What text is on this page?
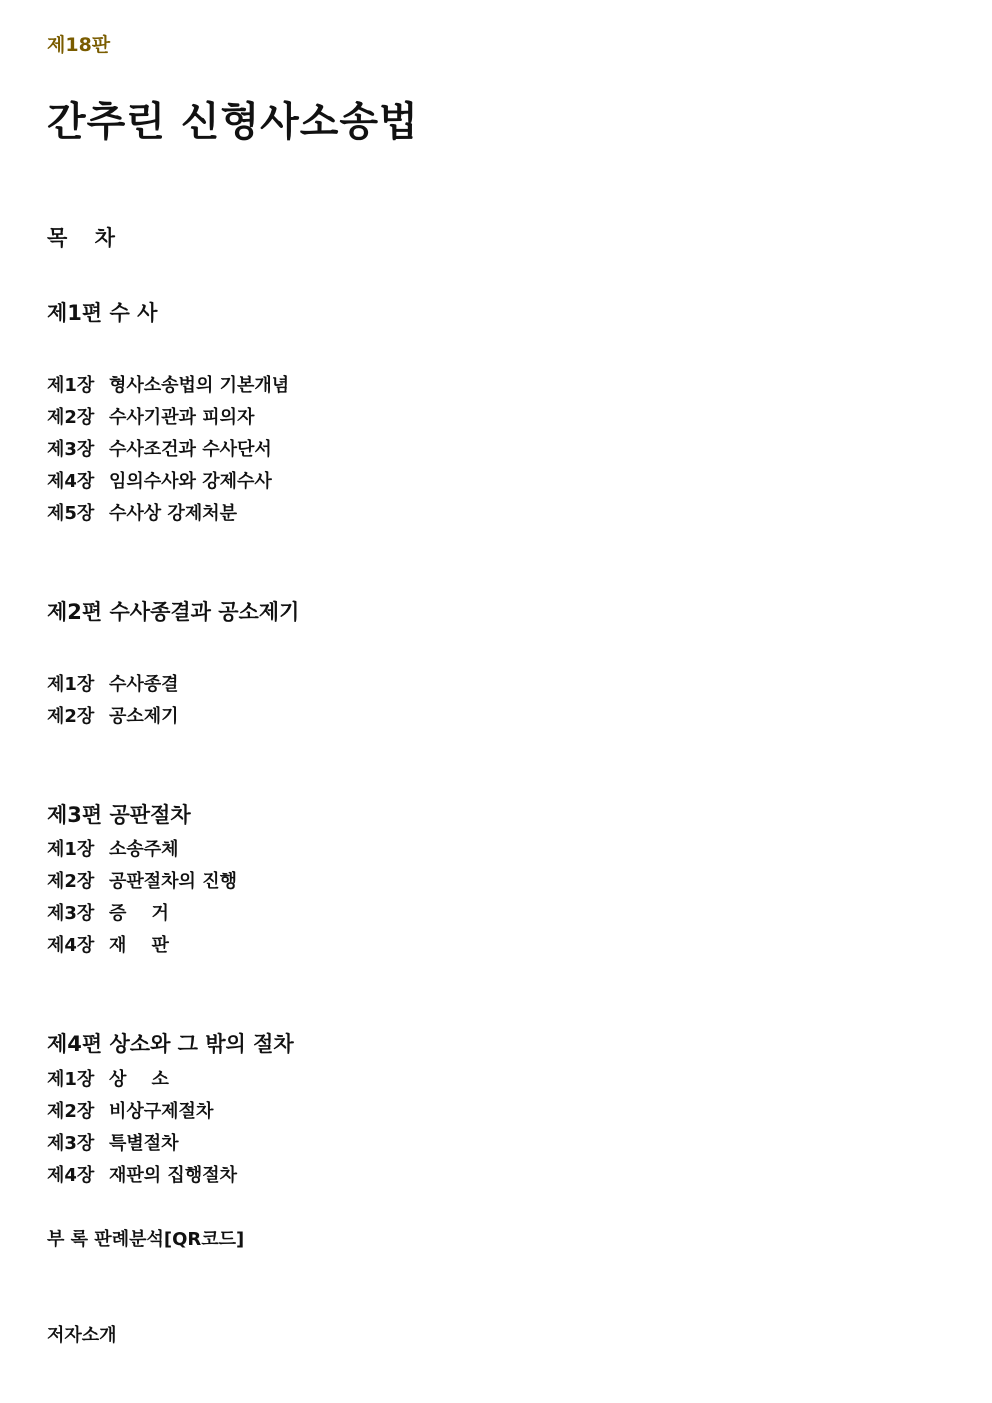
제18판
간추린 신형사소송법
목 차
제1편 수 사
제1장 형사소송법의 기본개념
제2장 수사기관과 피의자
제3장 수사조건과 수사단서
제4장 임의수사와 강제수사
제5장 수사상 강제처분
제2편 수사종결과 공소제기
제1장 수사종결
제2장 공소제기
제3편 공판절차
제1장 소송주체
제2장 공판절차의 진행
제3장 증    거
제4장 재    판
제4편 상소와 그 밖의 절차
제1장 상    소
제2장 비상구제절차
제3장 특별절차
제4장 재판의 집행절차
부 록 판례분석[QR코드]
저자소개
